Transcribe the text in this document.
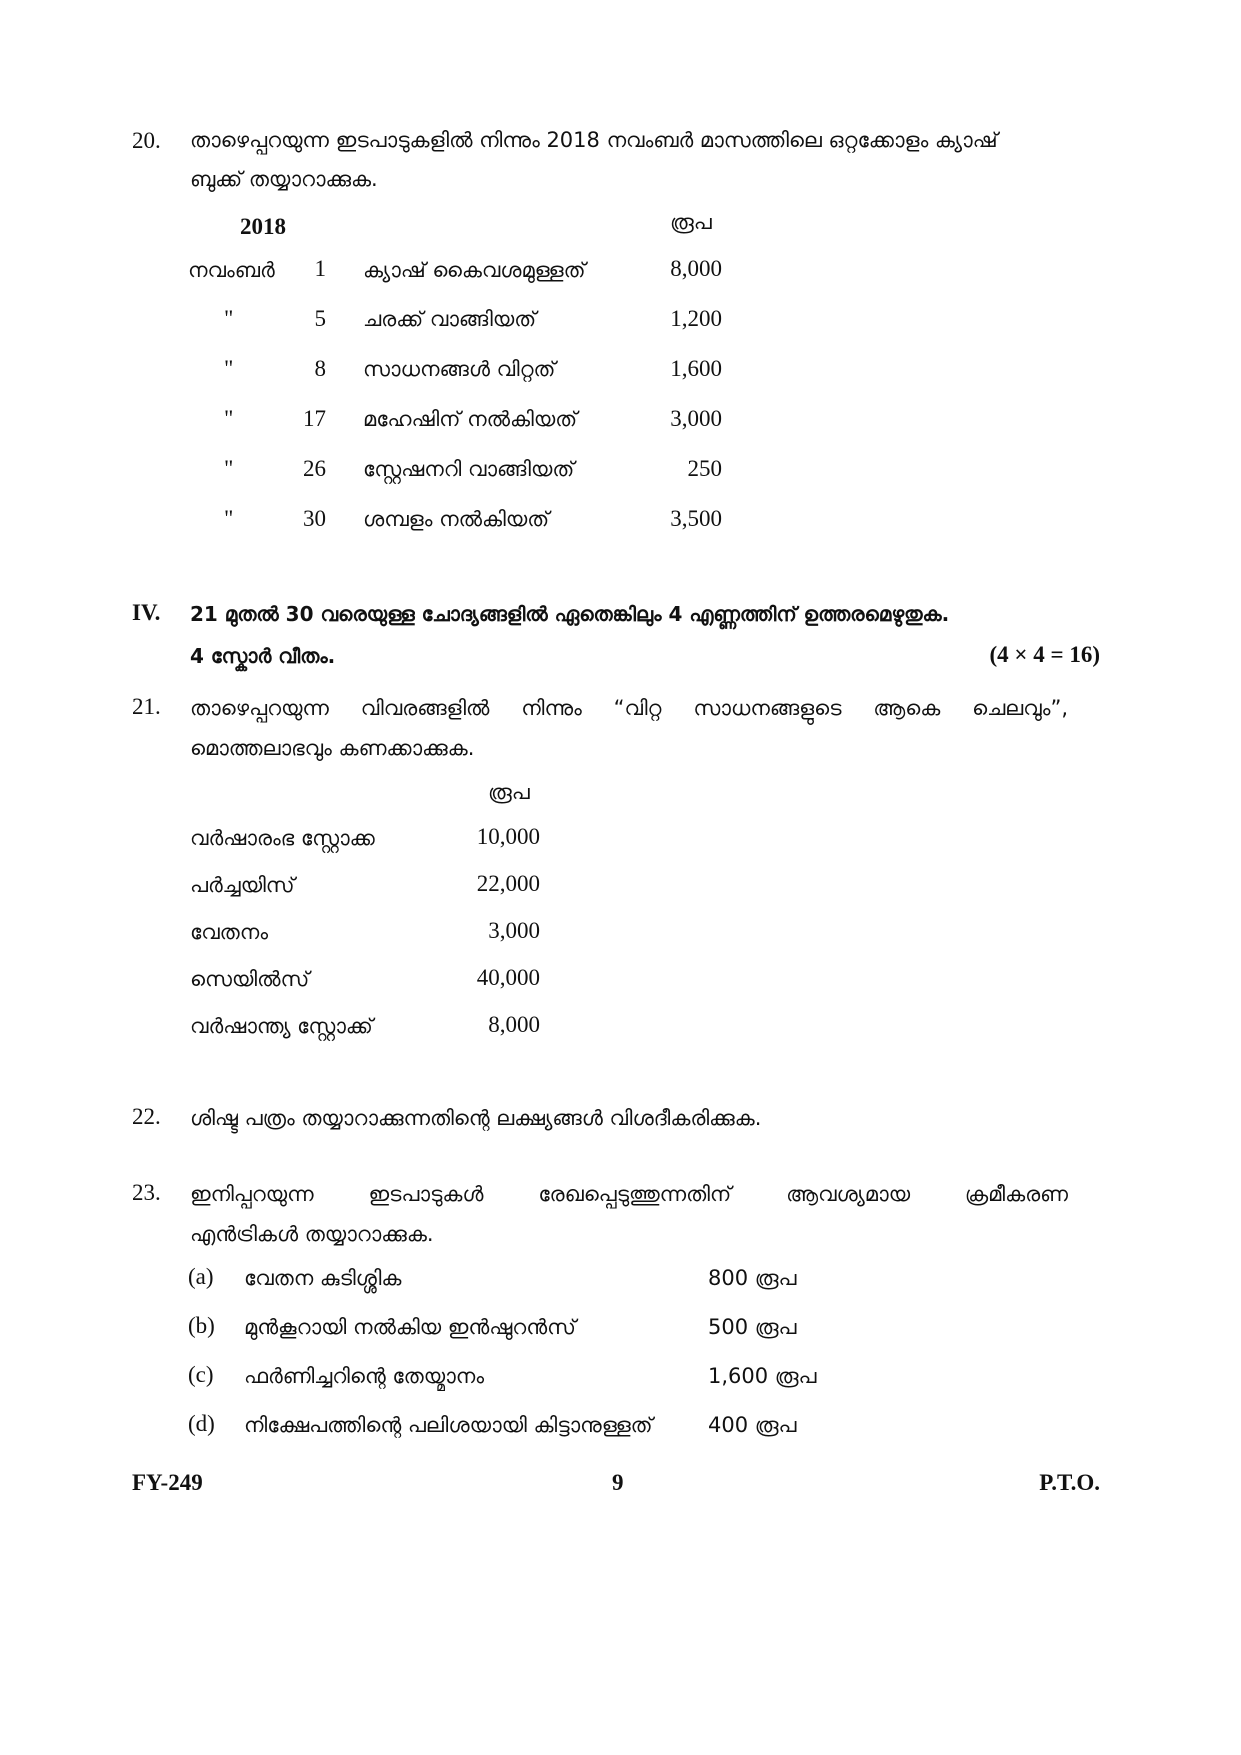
20. താഴെപ്പറയുന്ന ഇടപാടുകളിൽ നിന്നും 2018 നവംബർ മാസത്തിലെ ഒറ്റക്കോളം ക്യാഷ്
ബുക്ക് തയ്യാറാക്കുക.
2018	രൂപ
നവംബർ	1 ക്യാഷ് കൈവശമുള്ളത്	8,000
"	5 ചരക്ക് വാങ്ങിയത്	1,200
"	8 സാധനങ്ങൾ വിറ്റത്	1,600
"	17 മഹേഷിന് നൽകിയത്	3,000
"	26 സ്റ്റേഷനറി വാങ്ങിയത്	250
"	30 ശമ്പളം നൽകിയത്	3,500
IV. 21 മുതൽ 30 വരെയുള്ള ചോദ്യങ്ങളിൽ ഏതെങ്കിലും 4 എണ്ണത്തിന് ഉത്തരമെഴുതുക.
4 സ്കോർ വീതം.	(4 × 4 = 16)
21. താഴെപ്പറയുന്ന വിവരങ്ങളിൽ നിന്നും “വിറ്റ സാധനങ്ങളുടെ ആകെ ചെലവും”,
മൊത്തലാഭവും കണക്കാക്കുക.
രൂപ
വർഷാരംഭ സ്റ്റോക്ക	10,000
പർച്ചയിസ്	22,000
വേതനം	3,000
സെയിൽസ്	40,000
വർഷാന്ത്യ സ്റ്റോക്ക്	8,000
22. ശിഷ്ട പത്രം തയ്യാറാക്കുന്നതിന്റെ ലക്ഷ്യങ്ങൾ വിശദീകരിക്കുക.
23. ഇനിപ്പറയുന്ന	ഇടപാടുകൾ	രേഖപ്പെടുത്തുന്നതിന്	ആവശ്യമായ	ക്രമീകരണ
എൻട്രികൾ തയ്യാറാക്കുക.
(a) വേതന കുടിശ്ശിക	800 രൂപ
(b) മുൻകൂറായി നൽകിയ ഇൻഷുറൻസ്	500 രൂപ
(c) ഫർണിച്ചറിന്റെ തേയ്മാനം	1,600 രൂപ
(d) നിക്ഷേപത്തിന്റെ പലിശയായി കിട്ടാനുള്ളത്	400 രൂപ
FY-249	9	P.T.O.
